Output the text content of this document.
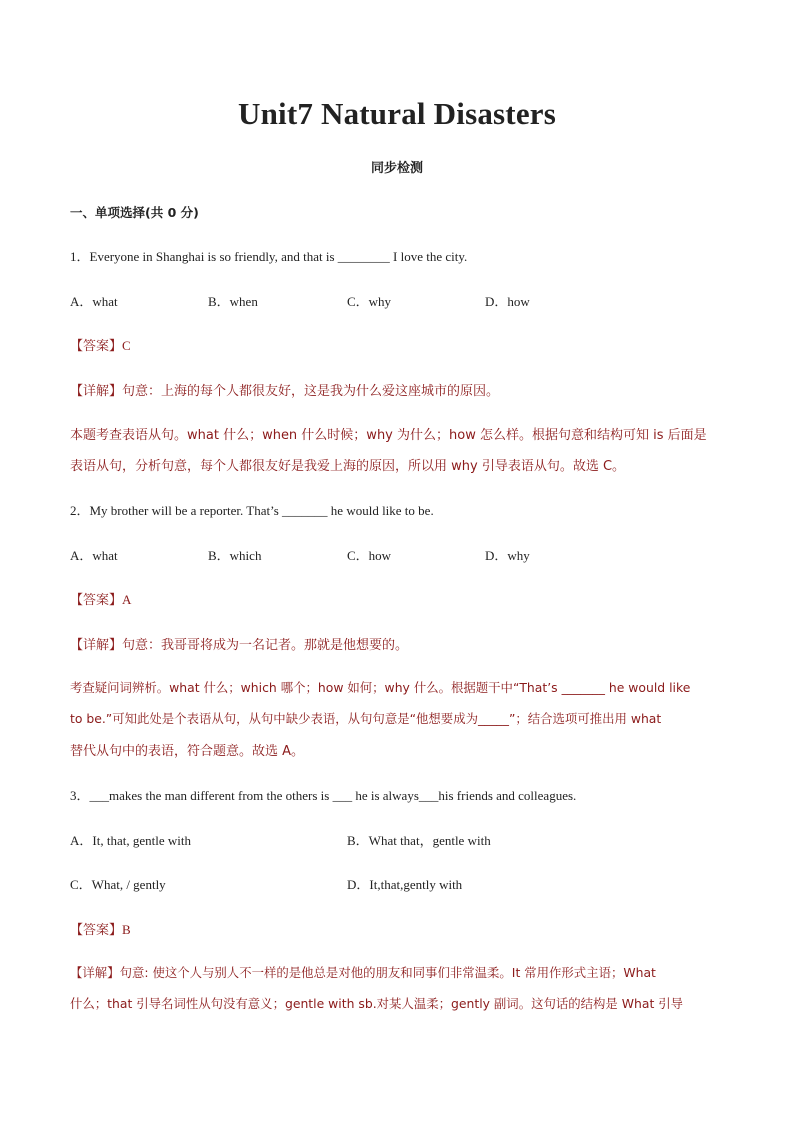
Unit7 Natural Disasters
同步检测
一、单项选择(共 0 分)
1．Everyone in Shanghai is so friendly, and that is ________ I love the city.
A．what	B．when	C．why	D．how
【答案】C
【详解】句意：上海的每个人都很友好，这是我为什么爱这座城市的原因。
本题考查表语从句。what 什么；when 什么时候；why 为什么；how 怎么样。根据句意和结构可知 is 后面是
表语从句，分析句意，每个人都很友好是我爱上海的原因，所以用 why 引导表语从句。故选 C。
2．My brother will be a reporter. That’s _______ he would like to be.
A．what	B．which	C．how	D．why
【答案】A
【详解】句意：我哥哥将成为一名记者。那就是他想要的。
考查疑问词辨析。what 什么；which 哪个；how 如何；why 什么。根据题干中“That’s _______ he would like
to be.”可知此处是个表语从句，从句中缺少表语，从句句意是“他想要成为_____”；结合选项可推出用 what
替代从句中的表语，符合题意。故选 A。
3．___makes the man different from the others is ___ he is always___his friends and colleagues.
A．It, that, gentle with	B．What that，gentle with
C．What, / gently	D．It,that,gently with
【答案】B
【详解】句意: 使这个人与别人不一样的是他总是对他的朋友和同事们非常温柔。It 常用作形式主语；What
什么；that 引导名词性从句没有意义；gentle with sb.对某人温柔；gently 副词。这句话的结构是 What 引导
